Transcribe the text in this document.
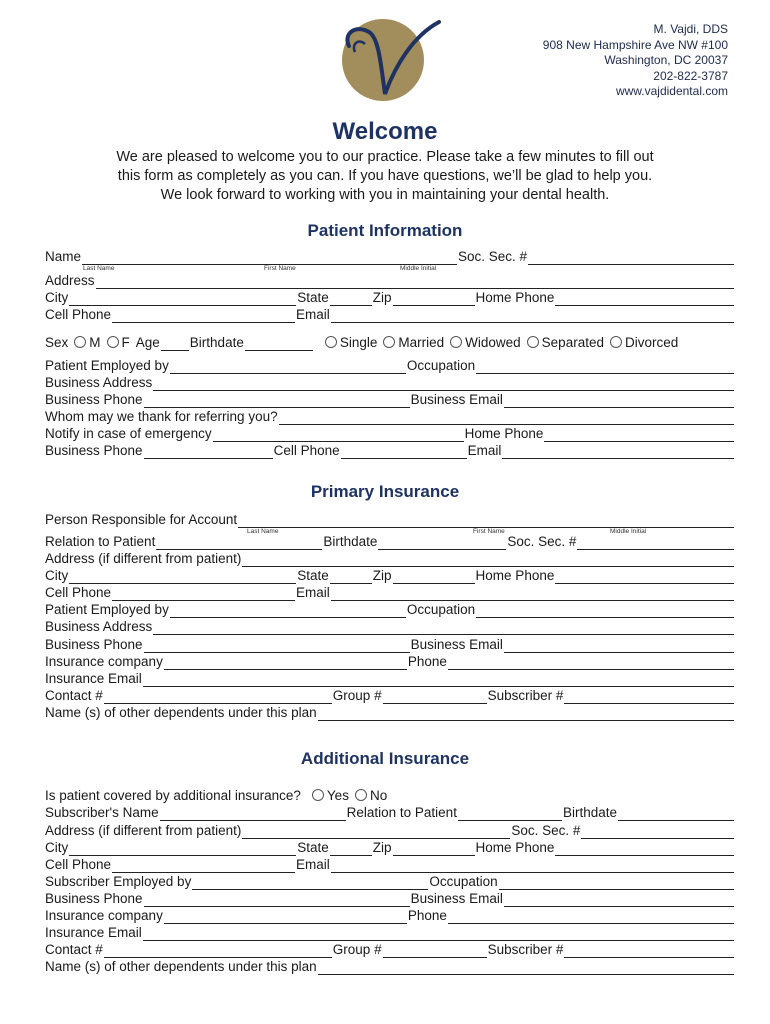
M. Vajdi, DDS
908 New Hampshire Ave NW #100
Washington, DC 20037
202-822-3787
www.vajdidental.com
Welcome
We are pleased to welcome you to our practice. Please take a few minutes to fill out
this form as completely as you can. If you have questions, we’ll be glad to help you.
We look forward to working with you in maintaining your dental health.
Patient Information
Name	Soc. Sec. #
Last Name	First Name	Middle Initial
Address
City	State	Zip	Home Phone
Cell Phone	Email
Sex	M	F Age Birthdate	Single	Married	Widowed	Separated	Divorced
Patient Employed by	Occupation
Business Address
Business Phone	Business Email
Whom may we thank for referring you?
Notify in case of emergency	Home Phone
Business Phone	Cell Phone	Email
Primary Insurance
Person Responsible for Account
Last Name	First Name	Middle Initial
Relation to Patient	Birthdate	Soc. Sec. #
Address (if different from patient)
City	State	Zip	Home Phone
Cell Phone	Email
Patient Employed by	Occupation
Business Address
Business Phone	Business Email
Insurance company	Phone
Insurance Email
Contact #	Group #	Subscriber #
Name (s) of other dependents under this plan
Additional Insurance
Is patient covered by additional insurance?	Yes	No
Subscriber's Name	Relation to Patient	Birthdate
Address (if different from patient)	Soc. Sec. #
City	State	Zip	Home Phone
Cell Phone	Email
Subscriber Employed by	Occupation
Business Phone	Business Email
Insurance company	Phone
Insurance Email
Contact #	Group #	Subscriber #
Name (s) of other dependents under this plan
